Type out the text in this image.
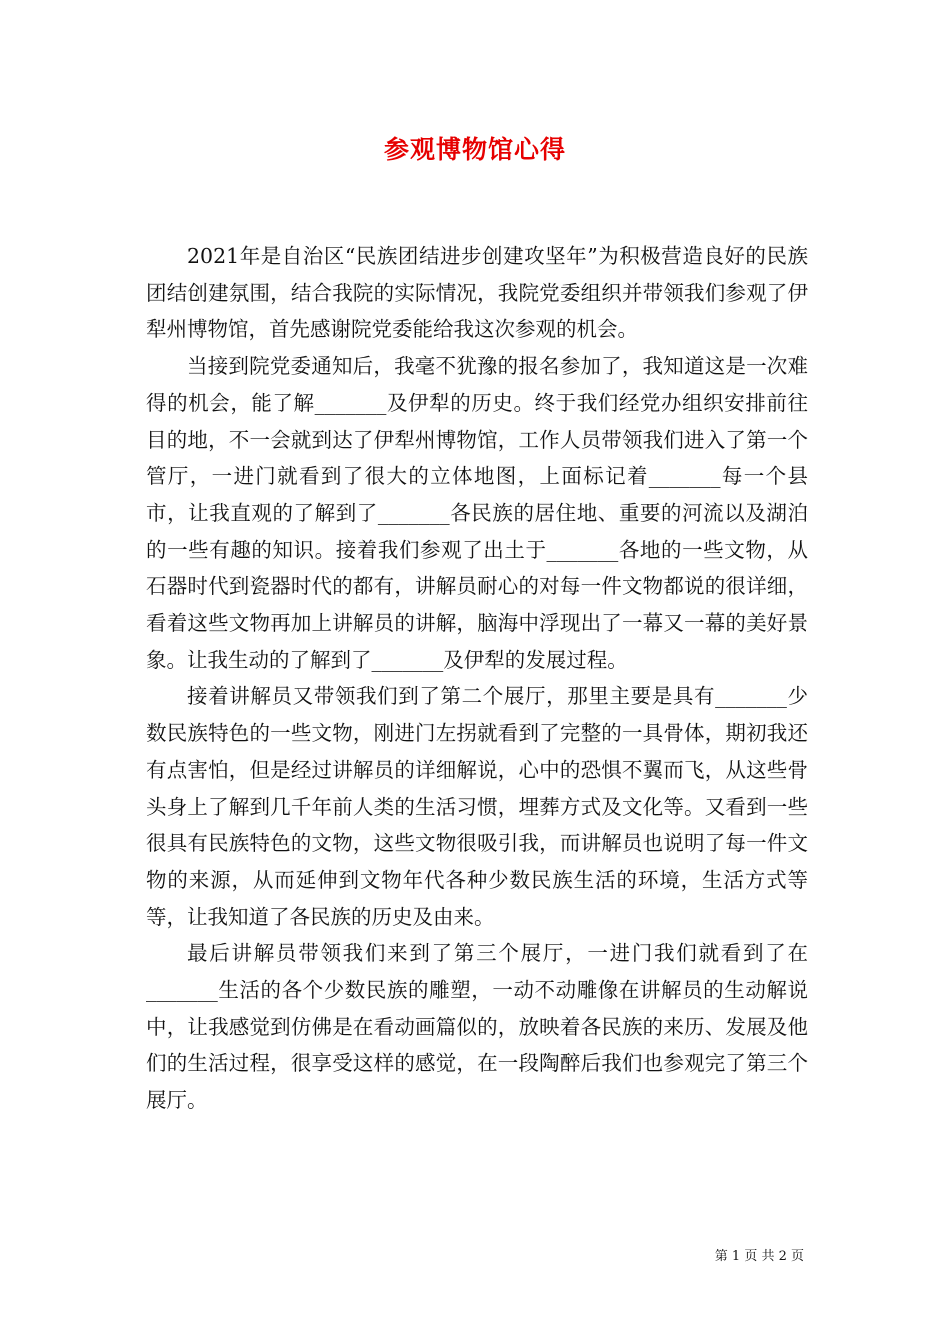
参观博物馆心得

2021年是自治区“民族团结进步创建攻坚年”为积极营造良好的民族团结创建氛围，结合我院的实际情况，我院党委组织并带领我们参观了伊犁州博物馆，首先感谢院党委能给我这次参观的机会。

当接到院党委通知后，我毫不犹豫的报名参加了，我知道这是一次难得的机会，能了解_______及伊犁的历史。终于我们经党办组织安排前往目的地，不一会就到达了伊犁州博物馆，工作人员带领我们进入了第一个管厅，一进门就看到了很大的立体地图，上面标记着_______每一个县市，让我直观的了解到了_______各民族的居住地、重要的河流以及湖泊的一些有趣的知识。接着我们参观了出土于_______各地的一些文物，从石器时代到瓷器时代的都有，讲解员耐心的对每一件文物都说的很详细，看着这些文物再加上讲解员的讲解，脑海中浮现出了一幕又一幕的美好景象。让我生动的了解到了_______及伊犁的发展过程。

接着讲解员又带领我们到了第二个展厅，那里主要是具有_______少数民族特色的一些文物，刚进门左拐就看到了完整的一具骨体，期初我还有点害怕，但是经过讲解员的详细解说，心中的恐惧不翼而飞，从这些骨头身上了解到几千年前人类的生活习惯，埋葬方式及文化等。又看到一些很具有民族特色的文物，这些文物很吸引我，而讲解员也说明了每一件文物的来源，从而延伸到文物年代各种少数民族生活的环境，生活方式等等，让我知道了各民族的历史及由来。

最后讲解员带领我们来到了第三个展厅，一进门我们就看到了在_______生活的各个少数民族的雕塑，一动不动雕像在讲解员的生动解说中，让我感觉到仿佛是在看动画篇似的，放映着各民族的来历、发展及他们的生活过程，很享受这样的感觉，在一段陶醉后我们也参观完了第三个展厅。

第 1 页 共 2 页
